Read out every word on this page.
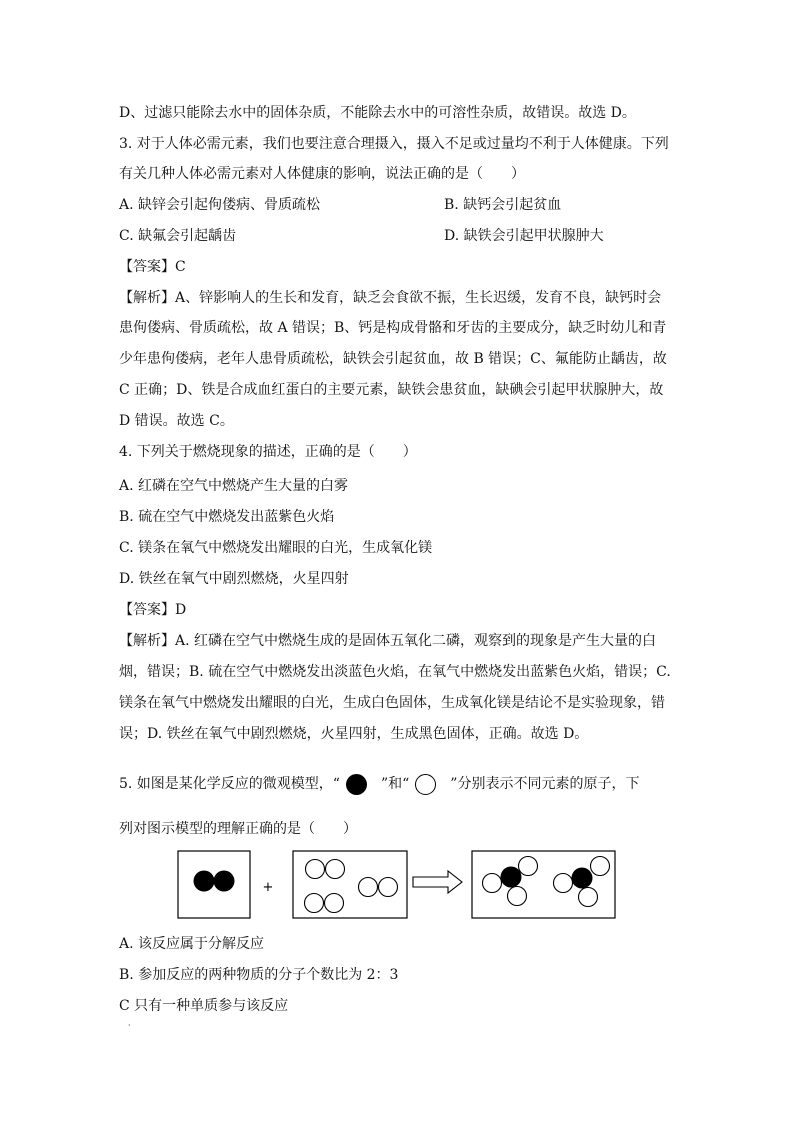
D、过滤只能除去水中的固体杂质，不能除去水中的可溶性杂质，故错误。故选 D。
3. 对于人体必需元素，我们也要注意合理摄入，摄入不足或过量均不利于人体健康。下列
有关几种人体必需元素对人体健康的影响，说法正确的是（　　）
A. 缺锌会引起佝偻病、骨质疏松	B. 缺钙会引起贫血
C. 缺氟会引起龋齿	D. 缺铁会引起甲状腺肿大
【答案】C
【解析】A、锌影响人的生长和发育，缺乏会食欲不振，生长迟缓，发育不良，缺钙时会
患佝偻病、骨质疏松，故 A 错误；B、钙是构成骨骼和牙齿的主要成分，缺乏时幼儿和青
少年患佝偻病，老年人患骨质疏松，缺铁会引起贫血，故 B 错误；C、氟能防止龋齿，故
C 正确；D、铁是合成血红蛋白的主要元素，缺铁会患贫血，缺碘会引起甲状腺肿大，故
D 错误。故选 C。
4. 下列关于燃烧现象的描述，正确的是（　　）
A. 红磷在空气中燃烧产生大量的白雾
B. 硫在空气中燃烧发出蓝紫色火焰
C. 镁条在氧气中燃烧发出耀眼的白光，生成氧化镁
D. 铁丝在氧气中剧烈燃烧，火星四射
【答案】D
【解析】A. 红磷在空气中燃烧生成的是固体五氧化二磷，观察到的现象是产生大量的白
烟，错误；B. 硫在空气中燃烧发出淡蓝色火焰，在氧气中燃烧发出蓝紫色火焰，错误；C.
镁条在氧气中燃烧发出耀眼的白光，生成白色固体，生成氧化镁是结论不是实验现象，错
误；D. 铁丝在氧气中剧烈燃烧，火星四射，生成黑色固体，正确。故选 D。
5. 如图是某化学反应的微观模型，“	”和“	”分别表示不同元素的原子，下
列对图示模型的理解正确的是（　　）
+
A. 该反应属于分解反应
B. 参加反应的两种物质的分子个数比为 2：3
C 只有一种单质参与该反应
·
